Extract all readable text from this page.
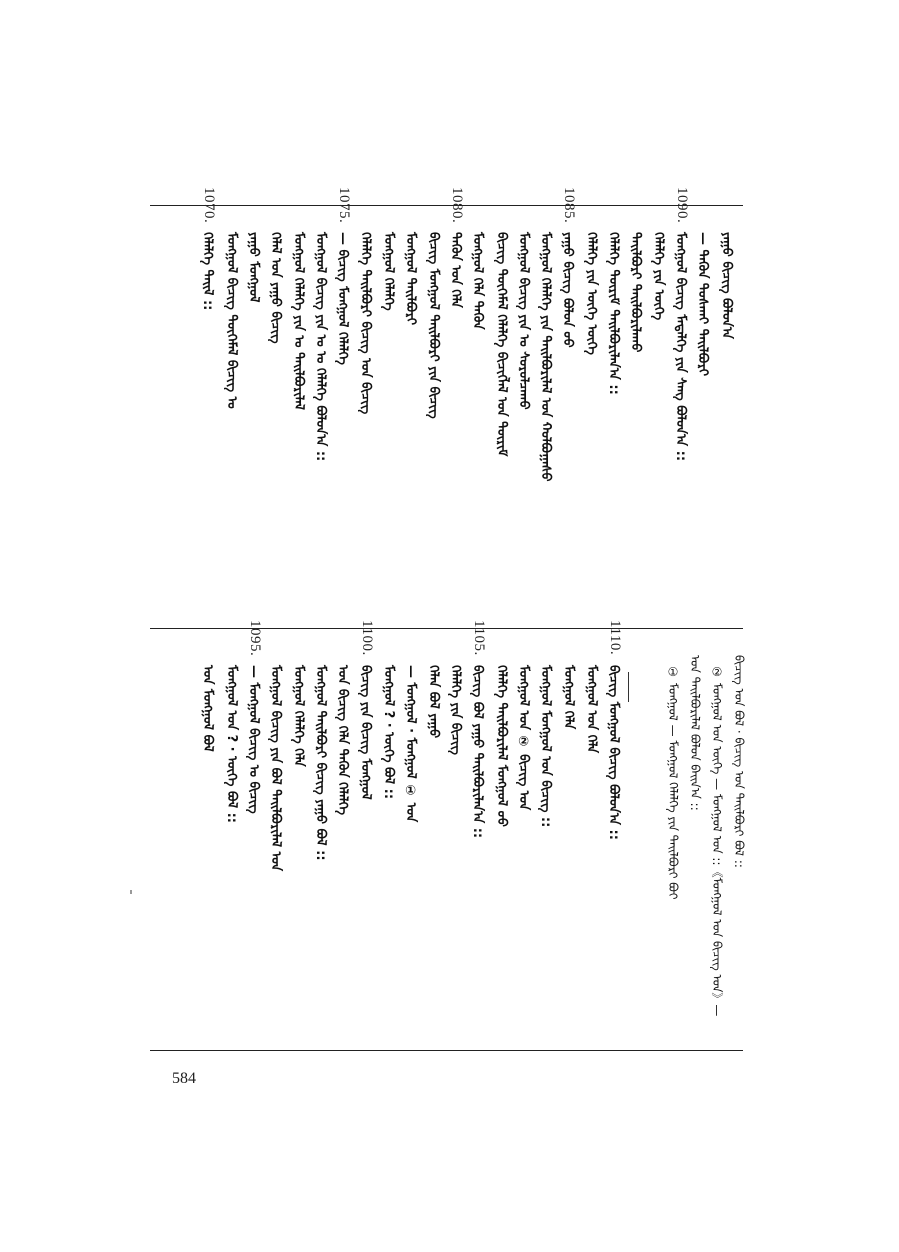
ᠶᠠᠭᠤ ᠪᠢᠴᠢᠭ ᠪᠣᠯᠤᠨ᠎ᠠ
— ᠲᠡᠭᠦᠨ ᠲᠤᠰᠬᠠᠢ ᠲᠠᠢᠯᠪᠤᠷᠢ
1090.
ᠮᠣᠩᠭᠣᠯ ᠪᠢᠴᠢᠭ ᠮᠡᠳᠡᠯᠭᠡ ᠶᠢᠨ ᠰᠠᠩ ᠪᠣᠯᠤᠨ᠎ᠠ ::
ᠬᠡᠯᠡᠯᠭᠡ ᠶᠢᠨ ᠦᠭᠡ
ᠲᠠᠢᠯᠪᠤᠷᠢ ᠲᠠᠢᠯᠪᠤᠷᠢᠯᠠᠬᠤ
ᠬᠡᠯᠡᠯᠭᠡ ᠳᠦᠷᠢᠮ ᠲᠠᠢᠯᠪᠤᠷᠢᠯᠠᠨ᠎ᠠ ::
ᠬᠡᠯᠡᠯᠭᠡ ᠶᠢᠨ ᠦᠭᠡ ᠦᠭᠡ
1085.
ᠶᠠᠭᠤ ᠪᠢᠴᠢᠭ ᠪᠣᠯᠤᠨ ᠤᠤ
ᠮᠣᠩᠭᠣᠯ ᠬᠡᠯᠡᠯᠭᠡ ᠶᠢᠨ ᠲᠠᠢᠯᠪᠤᠷᠢᠯᠠᠯ ᠤᠨ ᠬᠣᠯᠪᠣᠭᠠᠰᠤ
ᠮᠣᠩᠭᠣᠯ ᠪᠢᠴᠢᠭ ᠶᠢᠨ ᠤ ᠰᠤᠷᠤᠯᠴᠠᠬᠤ
ᠪᠢᠴᠢᠭ ᠲᠦᠭᠡᠮᠡᠯ ᠬᠡᠯᠡᠯᠭᠡ ᠪᠢᠴᠢᠭᠯᠡᠯ ᠤᠨ ᠳᠦᠷᠢᠮ
ᠮᠣᠩᠭᠣᠯ ᠬᠡᠯᠡ ᠲᠡᠭᠦᠨ
1080.
ᠲᠡᠭᠦᠨ ᠤᠨ ᠬᠡᠯᠡ
ᠪᠢᠴᠢᠭ ᠮᠣᠩᠭᠣᠯ ᠲᠠᠢᠯᠪᠤᠷᠢ ᠶᠢᠨ ᠪᠢᠴᠢᠭ
ᠮᠣᠩᠭᠣᠯ ᠲᠠᠢᠯᠪᠤᠷᠢ
ᠮᠣᠩᠭᠣᠯ ᠬᠡᠯᠡᠯᠭᠡ
ᠬᠡᠯᠡᠯᠭᠡ ᠲᠠᠢᠯᠪᠤᠷᠢ ᠪᠢᠴᠢᠭ ᠤᠨ ᠪᠢᠴᠢᠭ
1075.
— ᠪᠢᠴᠢᠭ ᠮᠣᠩᠭᠣᠯ ᠬᠡᠯᠡᠯᠭᠡ
ᠮᠣᠩᠭᠣᠯ ᠪᠢᠴᠢᠭ ᠶᠢᠨ ᠤ ᠤ ᠬᠡᠯᠡᠯᠭᠡ ᠪᠣᠯᠤᠨ᠎ᠠ ::
ᠮᠣᠩᠭᠣᠯ ᠬᠡᠯᠡᠯᠭᠡ ᠶᠢᠨ ᠤ ᠲᠠᠢᠯᠪᠤᠷᠢᠯᠠᠯ
ᠬᠡᠯᠡᠯ ᠤᠨ ᠶᠠᠭᠤ ᠪᠢᠴᠢᠭ
ᠶᠠᠭᠤ ᠮᠣᠩᠭᠣᠯ
ᠮᠣᠩᠭᠣᠯ ᠪᠢᠴᠢᠭ ᠲᠦᠭᠡᠮᠡᠯ ᠪᠢᠴᠢᠭ ᠤ
1070.
ᠬᠡᠯᠡᠯᠭᠡ ᠲᠠᠢᠯ ::
ᠪᠢᠴᠢᠭ ᠤᠨ ᠪᠣᠯ · ᠪᠢᠴᠢᠭ ᠤᠨ ᠲᠠᠢᠯᠪᠤᠷᠢ ᠪᠣᠯ ::
② ᠮᠣᠩᠭᠣᠯ ᠤᠨ ᠦᠭᠡ — ᠮᠣᠩᠭᠣᠯ ᠤᠨ ::《ᠮᠣᠩᠭᠣᠯ ᠤᠨ ᠪᠢᠴᠢᠭ ᠤᠨ》—
ᠤᠨ ᠲᠠᠢᠯᠪᠤᠷᠢᠯᠠᠯ ᠪᠣᠯᠤᠨ ᠪᠠᠢᠨ᠎ᠠ ::
① ᠮᠣᠩᠭᠣᠯ — ᠮᠣᠩᠭᠣᠯ ᠬᠡᠯᠡᠯᠭᠡ ᠶᠢᠨ ᠲᠠᠢᠯᠪᠤᠷᠢ ᠪᠤᠢ
1110.
ᠪᠢᠴᠢᠭ ᠮᠣᠩᠭᠣᠯ ᠪᠢᠴᠢᠭ ᠪᠣᠯᠤᠨ᠎ᠠ ::
ᠮᠣᠩᠭᠣᠯ ᠤᠨ ᠬᠡᠯᠡ
ᠮᠣᠩᠭᠣᠯ ᠬᠡᠯᠡ
ᠮᠣᠩᠭᠣᠯ ᠮᠣᠩᠭᠣᠯ ᠤᠨ ᠪᠢᠴᠢᠭ ::
ᠮᠣᠩᠭᠣᠯ ᠤᠨ ② ᠪᠢᠴᠢᠭ ᠤᠨ
ᠬᠡᠯᠡᠯᠭᠡ ᠲᠠᠢᠯᠪᠤᠷᠢᠯᠠᠯ ᠮᠣᠩᠭᠣᠯ ᠤᠤ
1105.
ᠪᠢᠴᠢᠭ ᠪᠣᠯ ᠶᠠᠭᠤ ᠲᠠᠢᠯᠪᠤᠷᠢᠯᠠᠨ᠎ᠠ ::
ᠬᠡᠯᠡᠯᠭᠡ ᠶᠢᠨ ᠪᠢᠴᠢᠭ
ᠬᠡᠯᠡᠨ ᠪᠣᠯ ᠶᠠᠭᠤ
— ᠮᠣᠩᠭᠣᠯ · ᠮᠣᠩᠭᠣᠯ ① ᠤᠨ
ᠮᠣᠩᠭᠣᠯ ? · ᠦᠭᠡ ᠪᠣᠯ ::
1100.
ᠪᠢᠴᠢᠭ ᠶᠢᠨ ᠪᠢᠴᠢᠭ ᠮᠣᠩᠭᠣᠯ
ᠤᠨ ᠪᠢᠴᠢᠭ ᠬᠡᠯᠡ ᠲᠡᠭᠦᠨ ᠬᠡᠯᠡᠯᠭᠡ
ᠮᠣᠩᠭᠣᠯ ᠲᠠᠢᠯᠪᠤᠷᠢ ᠪᠢᠴᠢᠭ ᠶᠠᠭᠤ ᠪᠣᠯ ::
ᠮᠣᠩᠭᠣᠯ ᠬᠡᠯᠡᠯᠭᠡ ᠬᠡᠯᠡ
ᠮᠣᠩᠭᠣᠯ ᠪᠢᠴᠢᠭ ᠶᠢᠨ ᠪᠣᠯ ᠲᠠᠢᠯᠪᠤᠷᠢᠯᠠᠯ ᠤᠨ
1095.
— ᠮᠣᠩᠭᠣᠯ ᠪᠢᠴᠢᠭ ᠤ ᠪᠢᠴᠢᠭ
ᠮᠣᠩᠭᠣᠯ ᠤᠨ ? · ᠦᠭᠡ ᠪᠣᠯ ::
ᠤᠨ ᠮᠣᠩᠭᠣᠯ ᠪᠣᠯ
584
